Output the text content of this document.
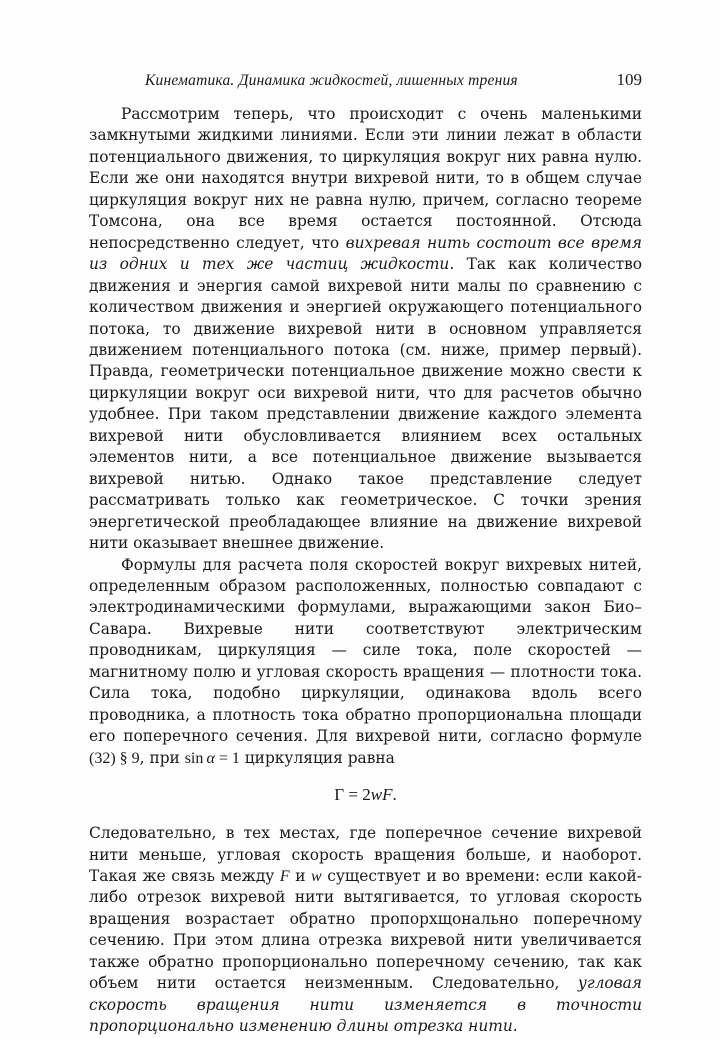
Кинематика. Динамика жидкостей, лишенных трения	109

Рассмотрим теперь, что происходит с очень маленькими замкнутыми жидкими линиями. Если эти линии лежат в области потенциального движения, то циркуляция вокруг них равна нулю. Если же они находятся внутри вихревой нити, то в общем случае циркуляция вокруг них не равна нулю, причем, согласно теореме Томсона, она все время остается постоянной. Отсюда непосредственно следует, что вихревая нить состоит все время из одних и тех же частиц жидкости. Так как количество движения и энергия самой вихревой нити малы по сравнению с количеством движения и энергией окружающего потенциального потока, то движение вихревой нити в основном управляется движением потенциального потока (см. ниже, пример первый). Правда, геометрически потенциальное движение можно свести к циркуляции вокруг оси вихревой нити, что для расчетов обычно удобнее. При таком представлении движение каждого элемента вихревой нити обусловливается влиянием всех остальных элементов нити, а все потенциальное движение вызывается вихревой нитью. Однако такое представление следует рассматривать только как геометрическое. С точки зрения энергетической преобладающее влияние на движение вихревой нити оказывает внешнее движение.

Формулы для расчета поля скоростей вокруг вихревых нитей, определенным образом расположенных, полностью совпадают с электродинамическими формулами, выражающими закон Био–Савара. Вихревые нити соответствуют электрическим проводникам, циркуляция — силе тока, поле скоростей — магнитному полю и угловая скорость вращения — плотности тока. Сила тока, подобно циркуляции, одинакова вдоль всего проводника, а плотность тока обратно пропорциональна площади его поперечного сечения. Для вихревой нити, согласно формуле (32) § 9, при sin  α = 1 циркуляция равна

Γ = 2wF.

Следовательно, в тех местах, где поперечное сечение вихревой нити меньше, угловая скорость вращения больше, и наоборот. Такая же связь между F и w существует и во времени: если какой-либо отрезок вихревой нити вытягивается, то угловая скорость вращения возрастает обратно пропорхщонально поперечному сечению. При этом длина отрезка вихревой нити увеличивается также обратно пропорционально поперечному сечению, так как объем нити остается неизменным. Следовательно, угловая скорость вращения нити изменяется в точности пропорционально изменению длины отрезка нити.
